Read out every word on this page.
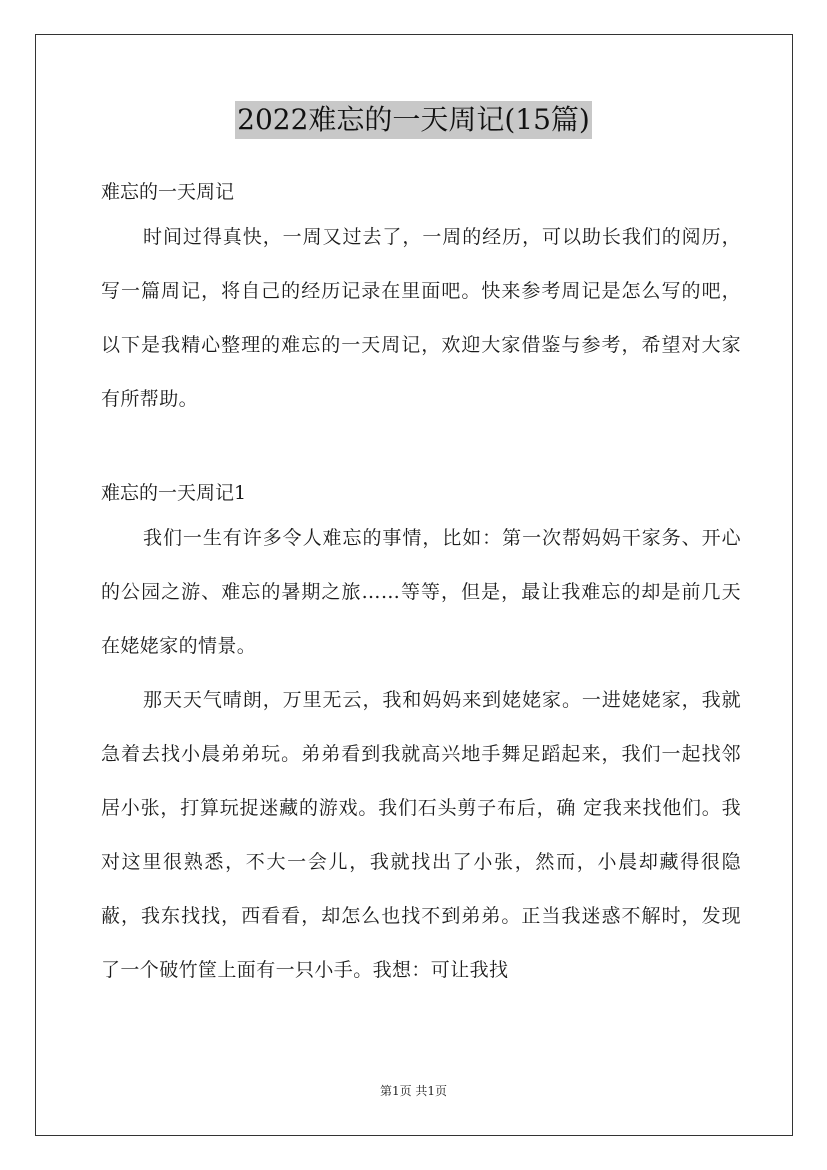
2022难忘的一天周记(15篇)

难忘的一天周记

时间过得真快，一周又过去了，一周的经历，可以助长我们的阅历，写一篇周记，将自己的经历记录在里面吧。快来参考周记是怎么写的吧，以下是我精心整理的难忘的一天周记，欢迎大家借鉴与参考，希望对大家有所帮助。

难忘的一天周记1

我们一生有许多令人难忘的事情，比如：第一次帮妈妈干家务、开心的公园之游、难忘的暑期之旅……等等，但是，最让我难忘的却是前几天在姥姥家的情景。

那天天气晴朗，万里无云，我和妈妈来到姥姥家。一进姥姥家，我就急着去找小晨弟弟玩。弟弟看到我就高兴地手舞足蹈起来，我们一起找邻居小张，打算玩捉迷藏的游戏。我们石头剪子布后，确 定我来找他们。我对这里很熟悉，不大一会儿，我就找出了小张，然而，小晨却藏得很隐蔽，我东找找，西看看，却怎么也找不到弟弟。正当我迷惑不解时，发现了一个破竹筐上面有一只小手。我想：可让我找

第1页 共1页
